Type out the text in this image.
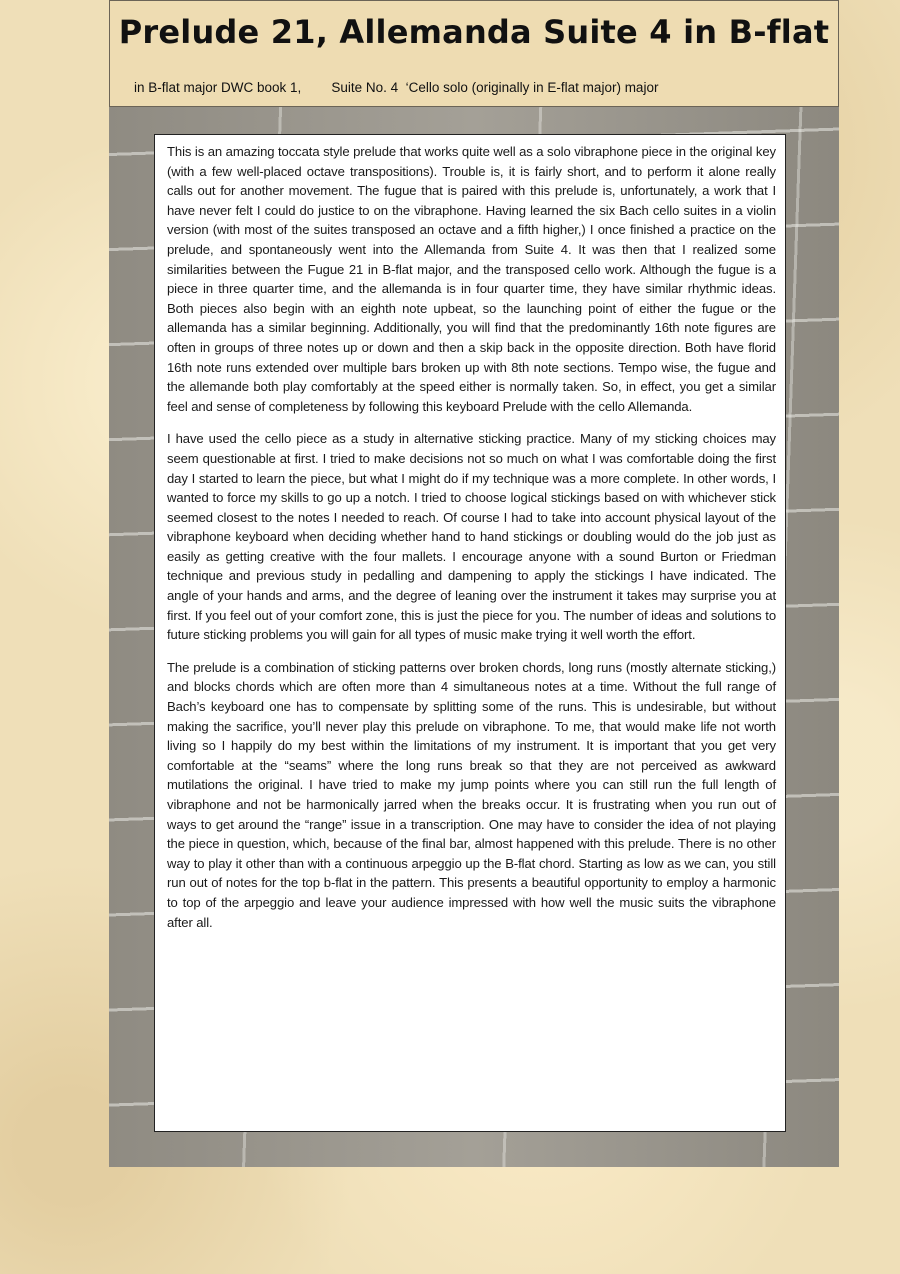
Prelude 21, Allemanda Suite 4 in B-flat
in B-flat major DWC book 1, Suite No. 4  ‘Cello solo (originally in E-flat major) major

This is an amazing toccata style prelude that works quite well as a solo vibraphone piece in the original key (with a few well-placed octave transpositions). Trouble is, it is fairly short, and to perform it alone really calls out for another movement. The fugue that is paired with this prelude is, unfortunately, a work that I have never felt I could do justice to on the vibraphone. Having learned the six Bach cello suites in a violin version (with most of the suites transposed an octave and a fifth higher,) I once finished a practice on the prelude, and spontaneously went into the Allemanda from Suite 4. It was then that I realized some similarities between the Fugue 21 in B-flat major, and the transposed cello work. Although the fugue is a piece in three quarter time, and the allemanda is in four quarter time, they have similar rhythmic ideas. Both pieces also begin with an eighth note upbeat, so the launching point of either the fugue or the allemanda has a similar beginning. Additionally, you will find that the predominantly 16th note figures are often in groups of three notes up or down and then a skip back in the opposite direction. Both have florid 16th note runs extended over multiple bars broken up with 8th note sections. Tempo wise, the fugue and the allemande both play comfortably at the speed either is normally taken. So, in effect, you get a similar feel and sense of completeness by following this keyboard Prelude with the cello Allemanda.

I have used the cello piece as a study in alternative sticking practice. Many of my sticking choices may seem questionable at first. I tried to make decisions not so much on what I was comfortable doing the first day I started to learn the piece, but what I might do if my technique was a more complete. In other words, I wanted to force my skills to go up a notch. I tried to choose logical stickings based on with whichever stick seemed closest to the notes I needed to reach. Of course I had to take into account physical layout of the vibraphone keyboard when deciding whether hand to hand stickings or doubling would do the job just as easily as getting creative with the four mallets. I encourage anyone with a sound Burton or Friedman technique and previous study in pedalling and dampening to apply the stickings I have indicated. The angle of your hands and arms, and the degree of leaning over the instrument it takes may surprise you at first. If you feel out of your comfort zone, this is just the piece for you. The number of ideas and solutions to future sticking problems you will gain for all types of music make trying it well worth the effort.

The prelude is a combination of sticking patterns over broken chords, long runs (mostly alternate sticking,) and blocks chords which are often more than 4 simultaneous notes at a time. Without the full range of Bach’s keyboard one has to compensate by splitting some of the runs. This is undesirable, but without making the sacrifice, you’ll never play this prelude on vibraphone. To me, that would make life not worth living so I happily do my best within the limitations of my instrument. It is important that you get very comfortable at the “seams” where the long runs break so that they are not perceived as awkward mutilations the original. I have tried to make my jump points where you can still run the full length of vibraphone and not be harmonically jarred when the breaks occur. It is frustrating when you run out of ways to get around the “range” issue in a transcription. One may have to consider the idea of not playing the piece in question, which, because of the final bar, almost happened with this prelude. There is no other way to play it other than with a continuous arpeggio up the B-flat chord. Starting as low as we can, you still run out of notes for the top b-flat in the pattern. This presents a beautiful opportunity to employ a harmonic to top of the arpeggio and leave your audience impressed with how well the music suits the vibraphone after all.
